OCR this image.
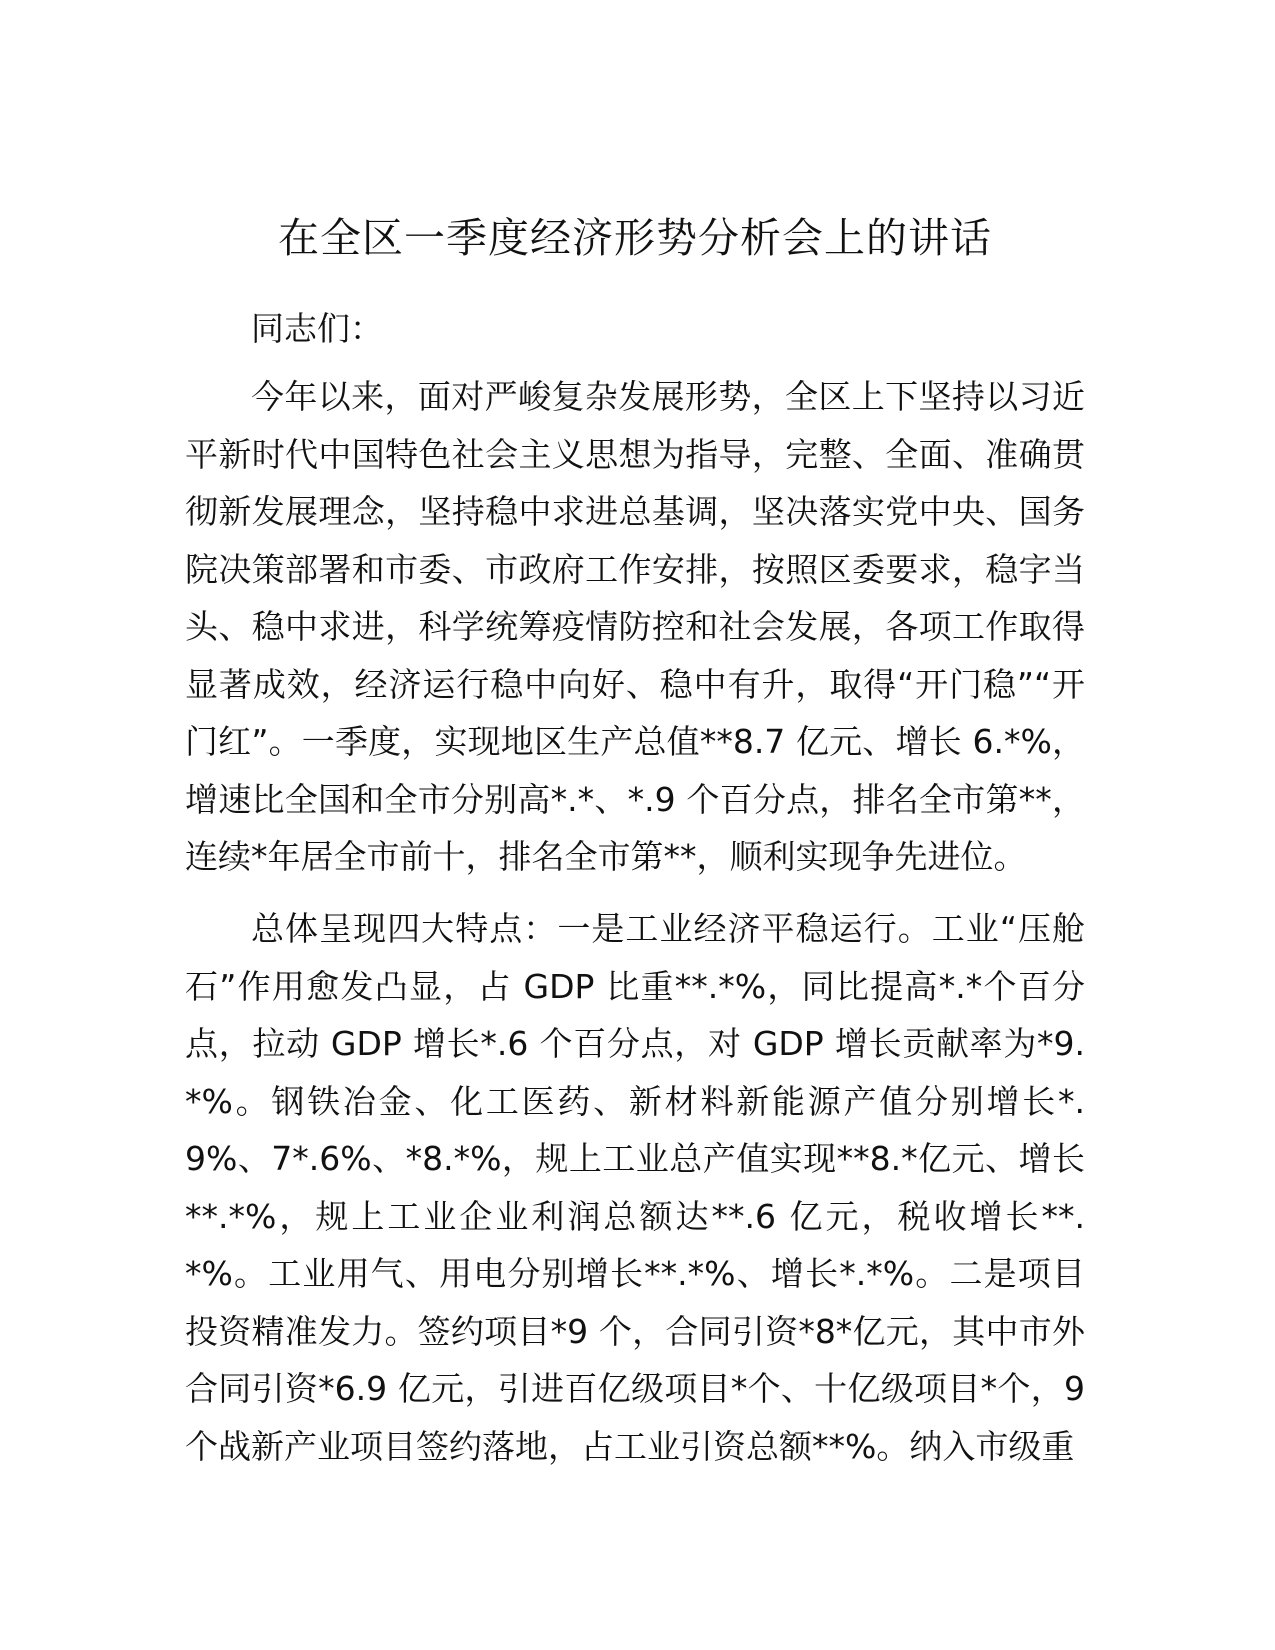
在全区一季度经济形势分析会上的讲话

同志们：

今年以来，面对严峻复杂发展形势，全区上下坚持以习近平新时代中国特色社会主义思想为指导，完整、全面、准确贯彻新发展理念，坚持稳中求进总基调，坚决落实党中央、国务院决策部署和市委、市政府工作安排，按照区委要求，稳字当头、稳中求进，科学统筹疫情防控和社会发展，各项工作取得显著成效，经济运行稳中向好、稳中有升，取得“开门稳”“开门红”。一季度，实现地区生产总值**8.7 亿元、增长 6.*%，增速比全国和全市分别高*.*、*.9 个百分点，排名全市第**，连续*年居全市前十，排名全市第**，顺利实现争先进位。

总体呈现四大特点：一是工业经济平稳运行。工业“压舱石”作用愈发凸显，占 GDP 比重**.*%，同比提高*.*个百分点，拉动 GDP 增长*.6 个百分点，对 GDP 增长贡献率为*9.*%。钢铁冶金、化工医药、新材料新能源产值分别增长*.9%、7*.6%、*8.*%，规上工业总产值实现**8.*亿元、增长**.*%，规上工业企业利润总额达**.6 亿元，税收增长**.*%。工业用气、用电分别增长**.*%、增长*.*%。二是项目投资精准发力。签约项目*9 个，合同引资*8*亿元，其中市外合同引资*6.9 亿元，引进百亿级项目*个、十亿级项目*个，9 个战新产业项目签约落地，占工业引资总额**%。纳入市级重
